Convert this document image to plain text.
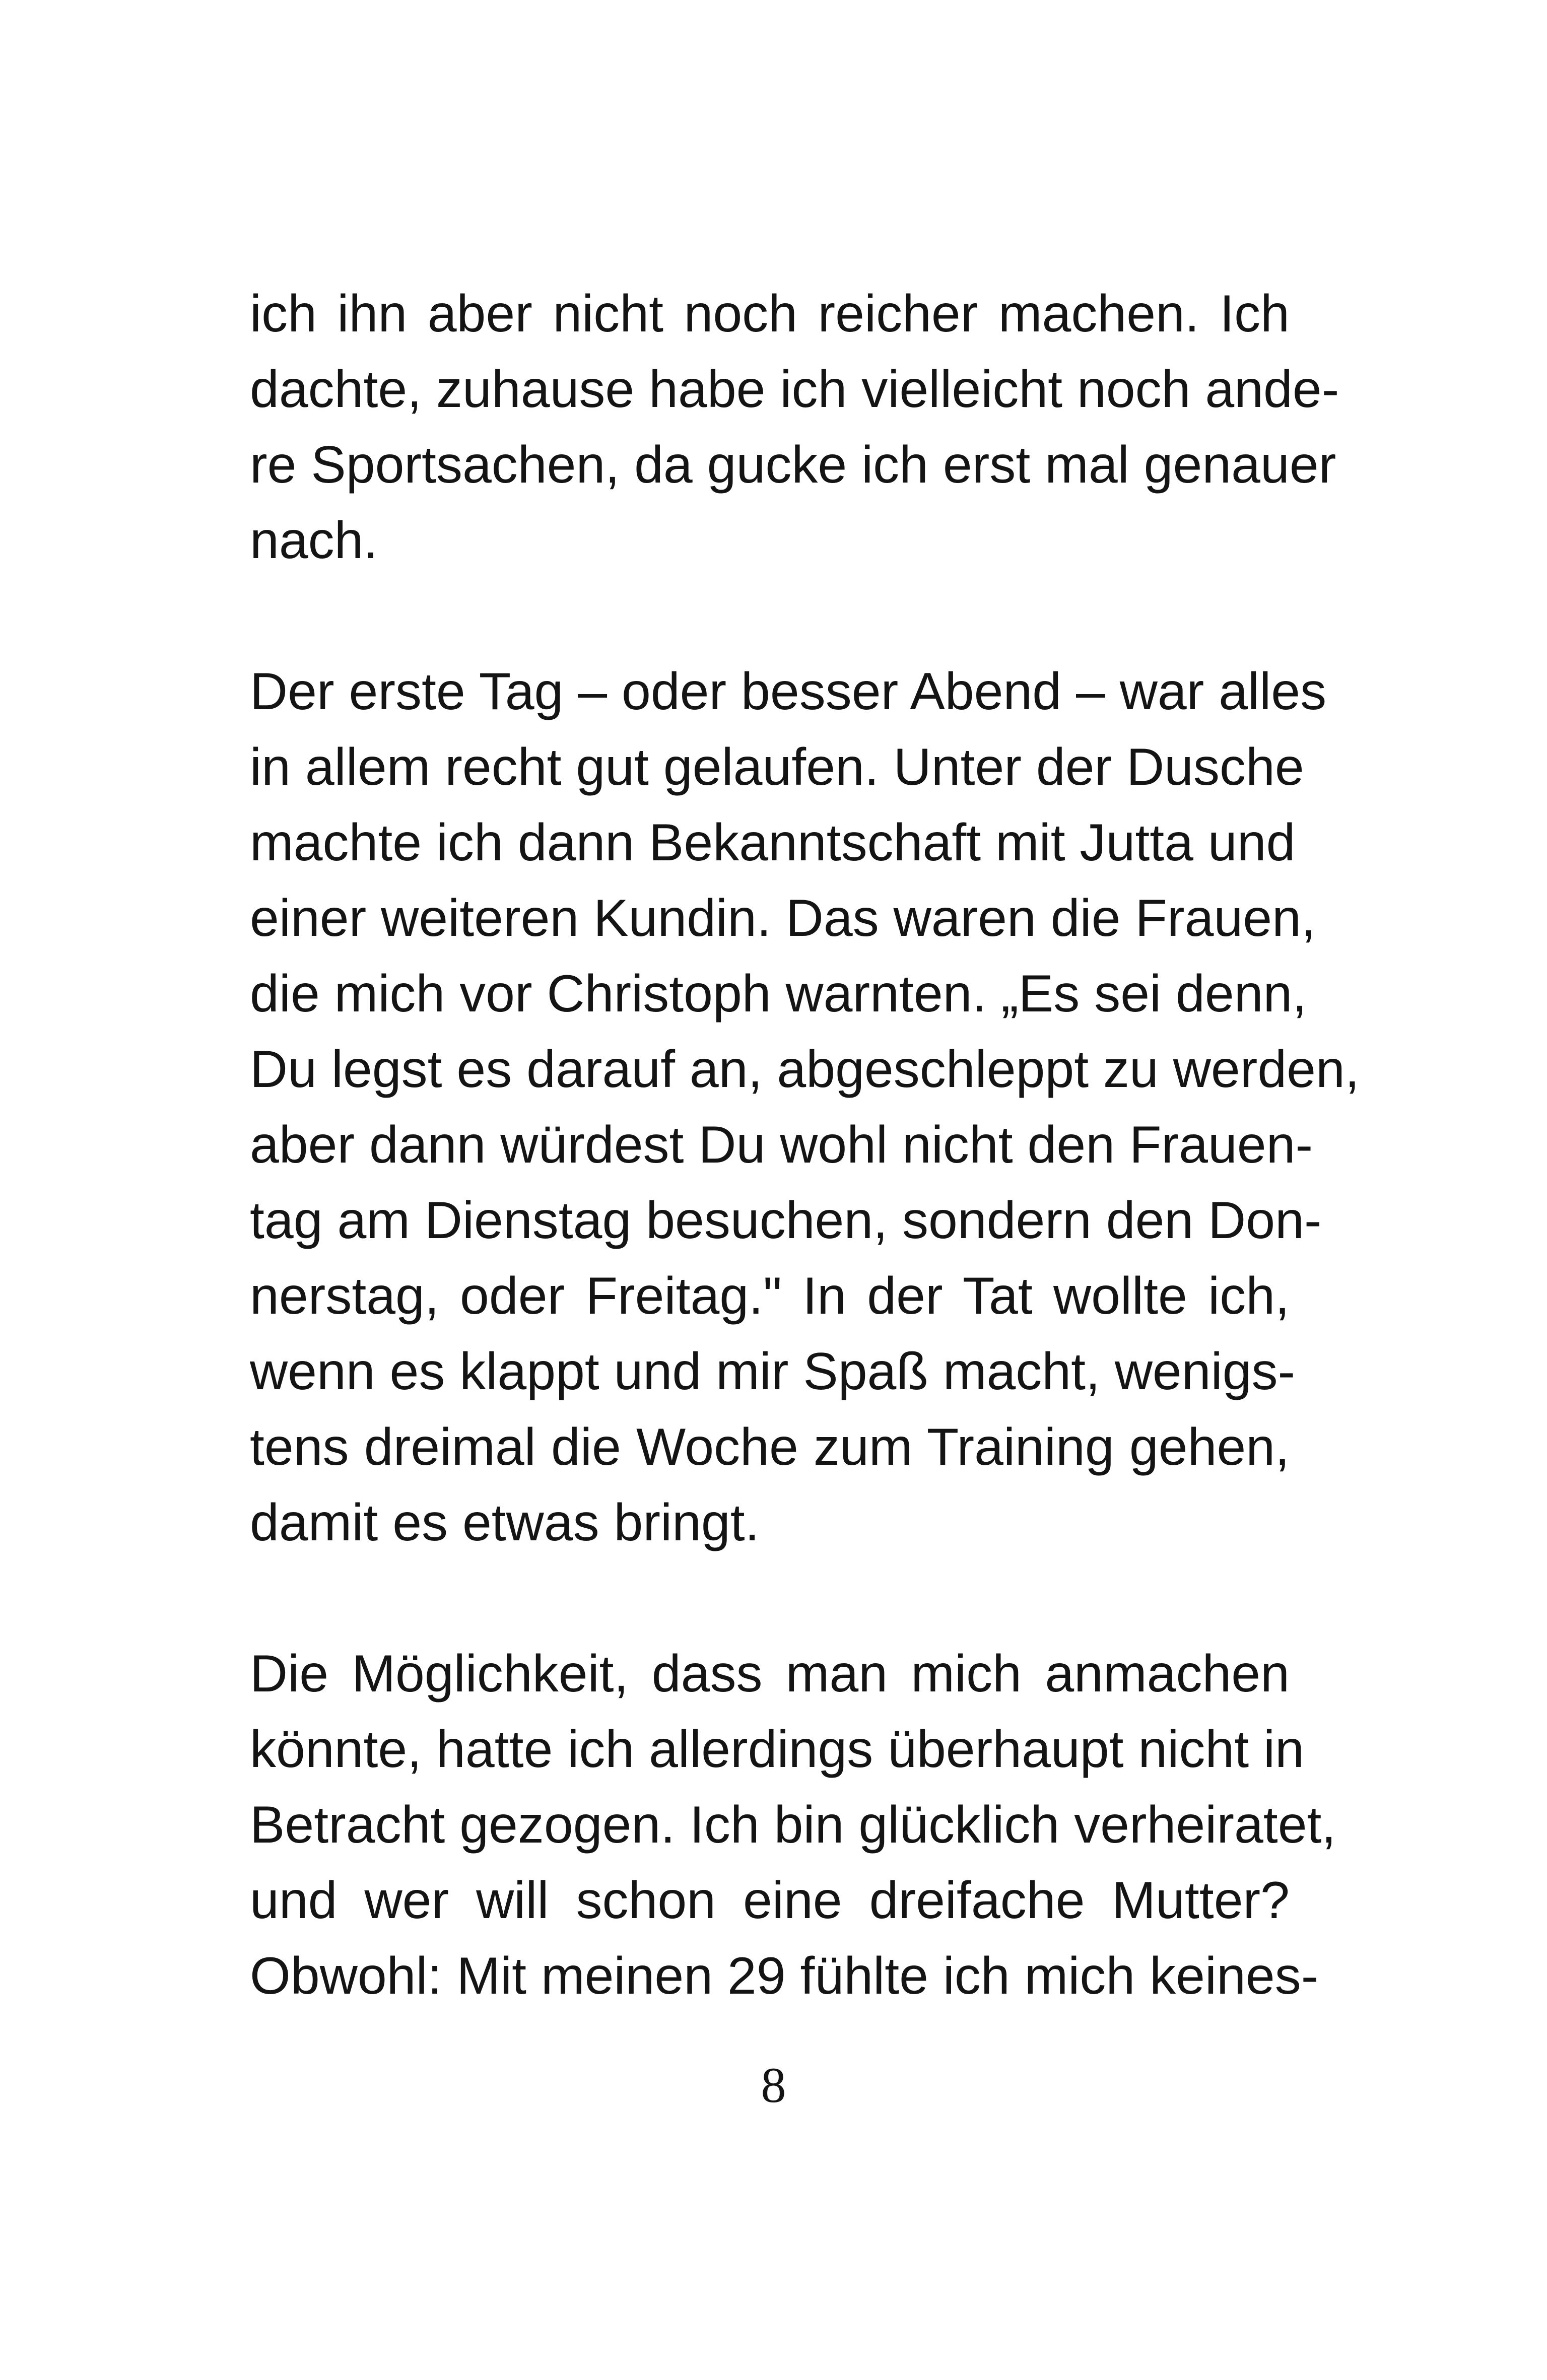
ich ihn aber nicht noch reicher machen. Ich
dachte, zuhause habe ich vielleicht noch ande-
re Sportsachen, da gucke ich erst mal genauer
nach.
Der erste Tag – oder besser Abend – war alles
in allem recht gut gelaufen. Unter der Dusche
machte ich dann Bekanntschaft mit Jutta und
einer weiteren Kundin. Das waren die Frauen,
die mich vor Christoph warnten. „Es sei denn,
Du legst es darauf an, abgeschleppt zu werden,
aber dann würdest Du wohl nicht den Frauen-
tag am Dienstag besuchen, sondern den Don-
nerstag, oder Freitag." In der Tat wollte ich,
wenn es klappt und mir Spaß macht, wenigs-
tens dreimal die Woche zum Training gehen,
damit es etwas bringt.
Die Möglichkeit, dass man mich anmachen
könnte, hatte ich allerdings überhaupt nicht in
Betracht gezogen. Ich bin glücklich verheiratet,
und wer will schon eine dreifache Mutter?
Obwohl: Mit meinen 29 fühlte ich mich keines-
8
